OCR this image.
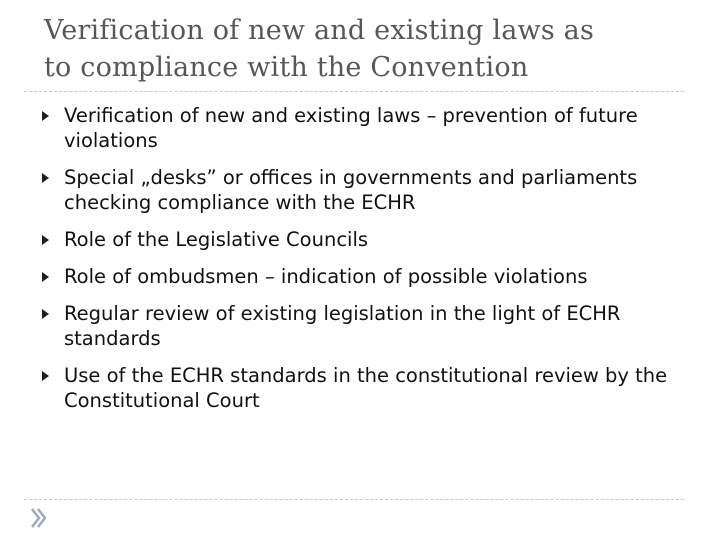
Verification of new and existing laws as
to compliance with the Convention
Verification of new and existing laws – prevention of future violations
Special „desks” or offices in governments and parliaments checking compliance with the ECHR
Role of the Legislative Councils
Role of ombudsmen – indication of possible violations
Regular review of existing legislation in the light of ECHR standards
Use of the ECHR standards in the constitutional review by the Constitutional Court
